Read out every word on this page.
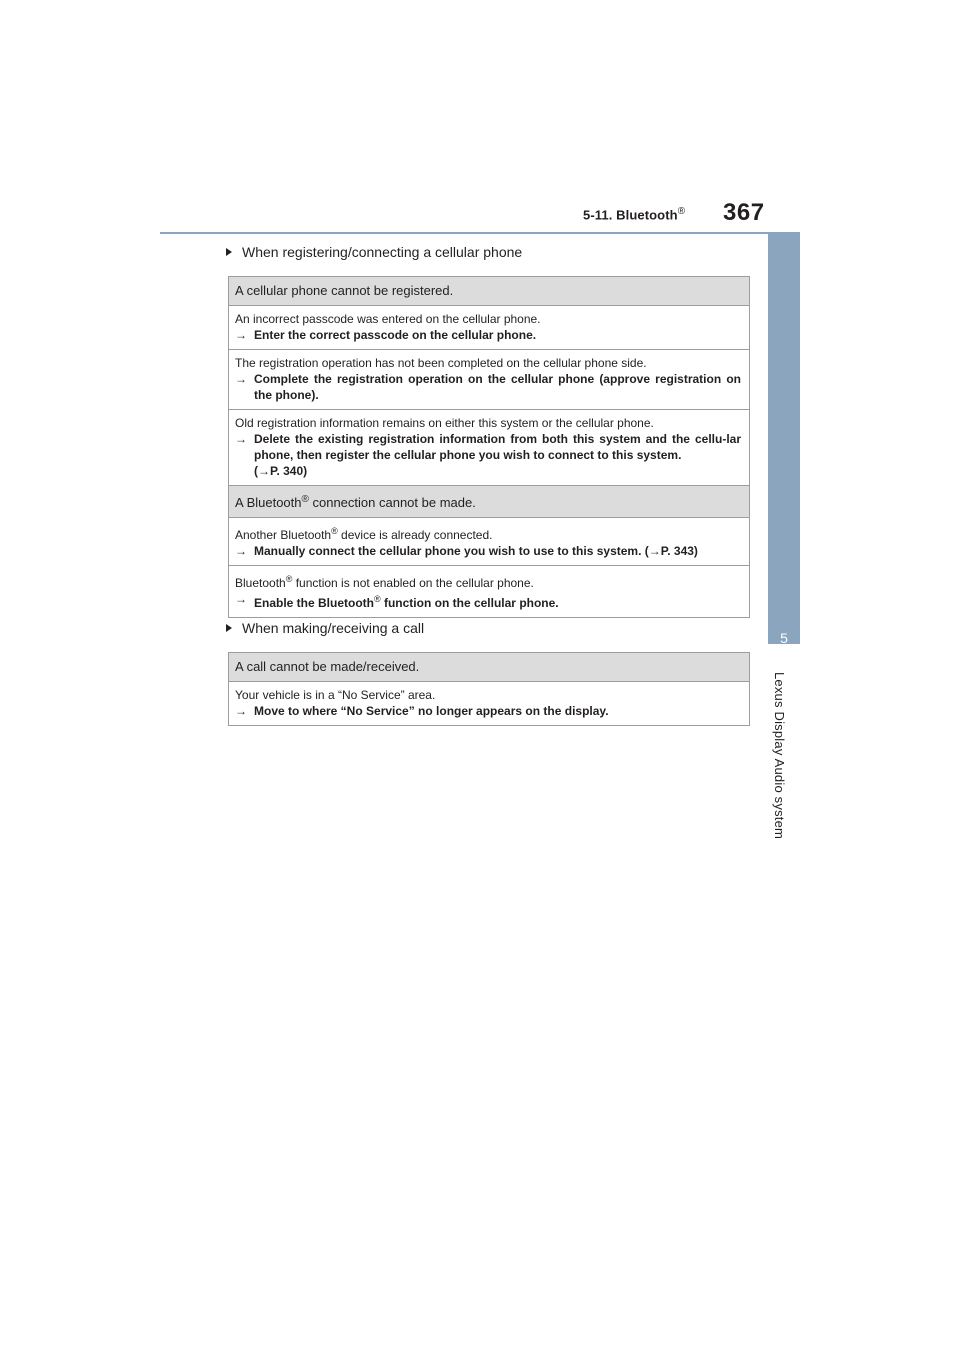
5-11. Bluetooth® 367
5
Lexus Display Audio system
When registering/connecting a cellular phone
A cellular phone cannot be registered.
An incorrect passcode was entered on the cellular phone.
→ Enter the correct passcode on the cellular phone.
The registration operation has not been completed on the cellular phone side.
→ Complete the registration operation on the cellular phone (approve registration on the phone).
Old registration information remains on either this system or the cellular phone.
→ Delete the existing registration information from both this system and the cellu-lar phone, then register the cellular phone you wish to connect to this system.
(→P. 340)
A Bluetooth® connection cannot be made.
Another Bluetooth® device is already connected.
→ Manually connect the cellular phone you wish to use to this system. (→P. 343)
Bluetooth® function is not enabled on the cellular phone.
→ Enable the Bluetooth® function on the cellular phone.
When making/receiving a call
A call cannot be made/received.
Your vehicle is in a “No Service” area.
→ Move to where “No Service” no longer appears on the display.
